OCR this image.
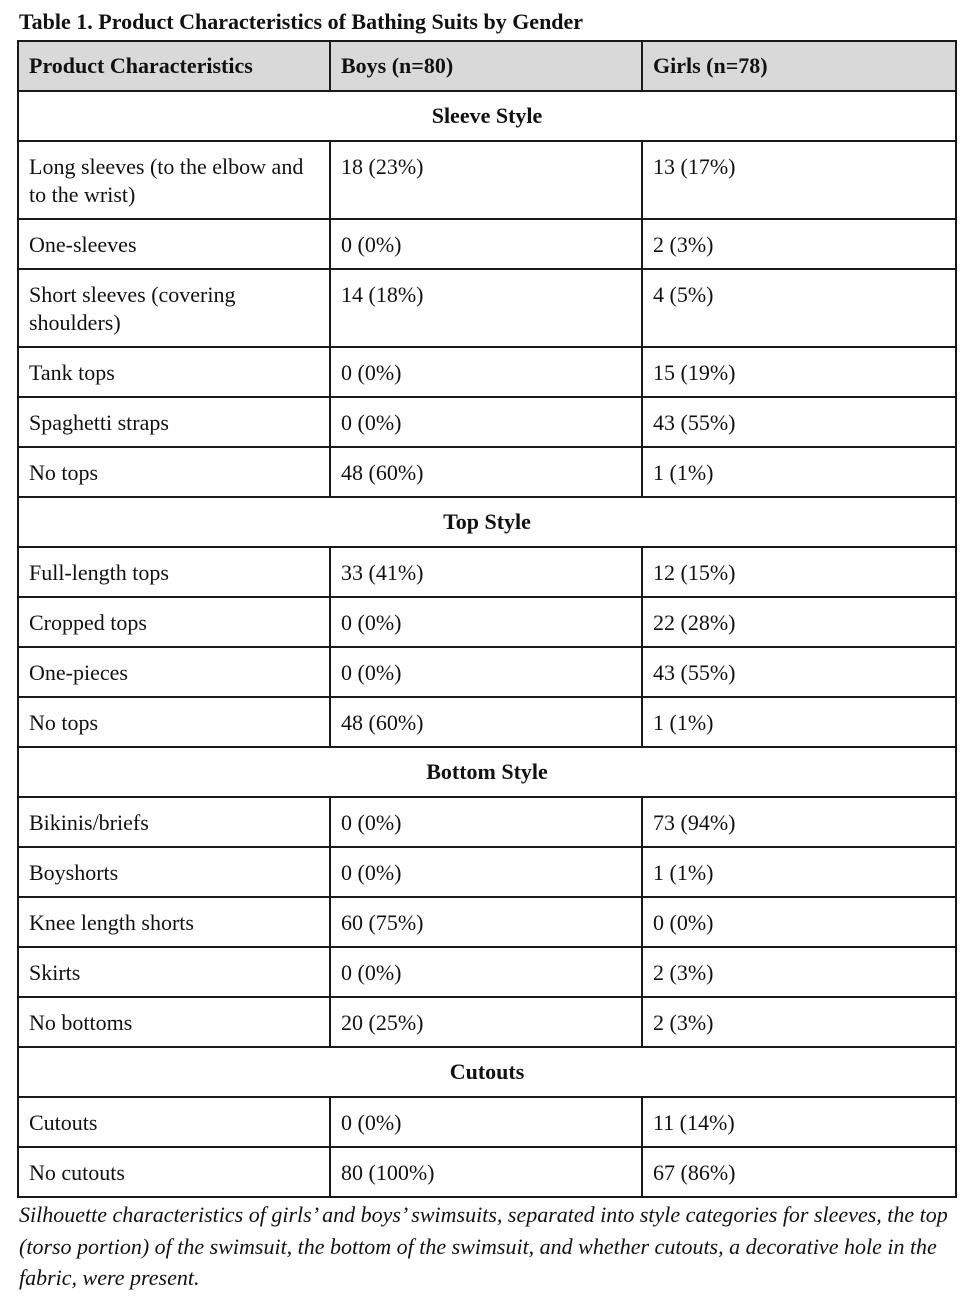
Table 1. Product Characteristics of Bathing Suits by Gender
Product Characteristics	Boys (n=80)	Girls (n=78)
Sleeve Style		
Long sleeves (to the elbow and to the wrist)	18 (23%)	13 (17%)
One-sleeves	0 (0%)	2 (3%)
Short sleeves (covering shoulders)	14 (18%)	4 (5%)
Tank tops	0 (0%)	15 (19%)
Spaghetti straps	0 (0%)	43 (55%)
No tops	48 (60%)	1 (1%)
Top Style		
Full-length tops	33 (41%)	12 (15%)
Cropped tops	0 (0%)	22 (28%)
One-pieces	0 (0%)	43 (55%)
No tops	48 (60%)	1 (1%)
Bottom Style		
Bikinis/briefs	0 (0%)	73 (94%)
Boyshorts	0 (0%)	1 (1%)
Knee length shorts	60 (75%)	0 (0%)
Skirts	0 (0%)	2 (3%)
No bottoms	20 (25%)	2 (3%)
Cutouts		
Cutouts	0 (0%)	11 (14%)
No cutouts	80 (100%)	67 (86%)
Silhouette characteristics of girls’ and boys’ swimsuits, separated into style categories for sleeves, the top (torso portion) of the swimsuit, the bottom of the swimsuit, and whether cutouts, a decorative hole in the fabric, were present.
